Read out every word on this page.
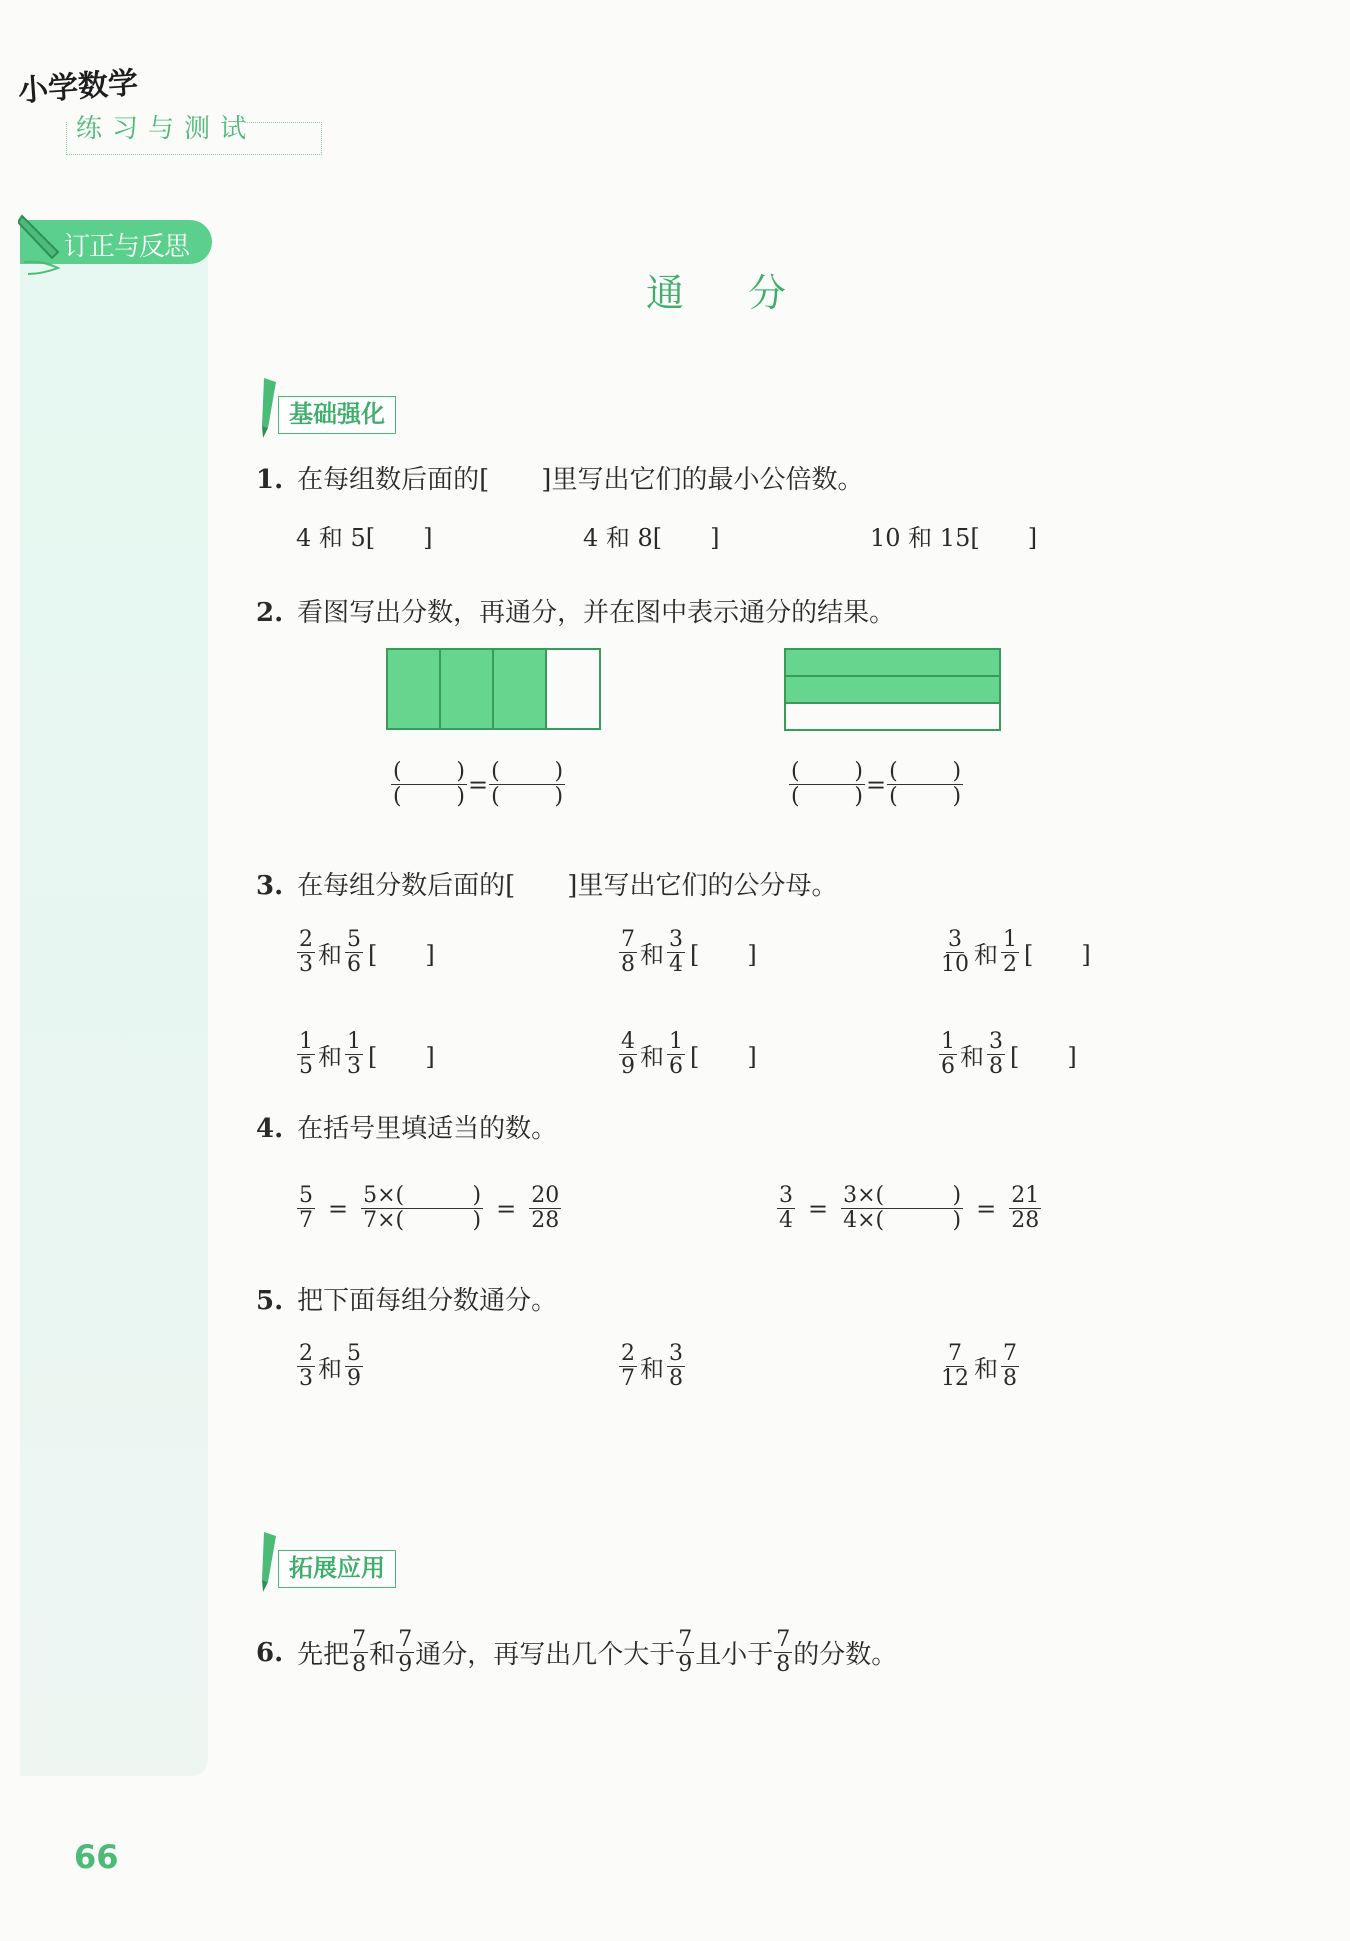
小学数学
练习与测试
订正与反思
通分
基础强化
1. 在每组数后面的[　　]里写出它们的最小公倍数。
4 和 5[　　]	4 和 8[　　]	10 和 15[　　]
2. 看图写出分数，再通分，并在图中表示通分的结果。
$\frac{( )}{( )} = \frac{( )}{( )}$	$\frac{( )}{( )} = \frac{( )}{( )}$
3. 在每组分数后面的[　　]里写出它们的公分母。
$\frac{2}{3}$ 和 $\frac{5}{6}$ [　　]	$\frac{7}{8}$ 和 $\frac{3}{4}$ [　　]	$\frac{3}{10}$ 和 $\frac{1}{2}$ [　　]
$\frac{1}{5}$ 和 $\frac{1}{3}$ [　　]	$\frac{4}{9}$ 和 $\frac{1}{6}$ [　　]	$\frac{1}{6}$ 和 $\frac{3}{8}$ [　　]
4. 在括号里填适当的数。
$\frac{5}{7} = 5\times$(	)
7×(	) = $\frac{20}{28}$	$\frac{3}{4} = 3\times$(	)
4×(	) = $\frac{21}{28}$
5. 把下面每组分数通分。
$\frac{2}{3}$ 和 $\frac{5}{9}$	$\frac{2}{7}$ 和 $\frac{3}{8}$	$\frac{7}{12}$ 和 $\frac{7}{8}$
拓展应用
6. 先把 $\frac{7}{8}$ 和 $\frac{7}{9}$ 通分，再写出几个大于 $\frac{7}{9}$ 且小于 $\frac{7}{8}$ 的分数。
66
